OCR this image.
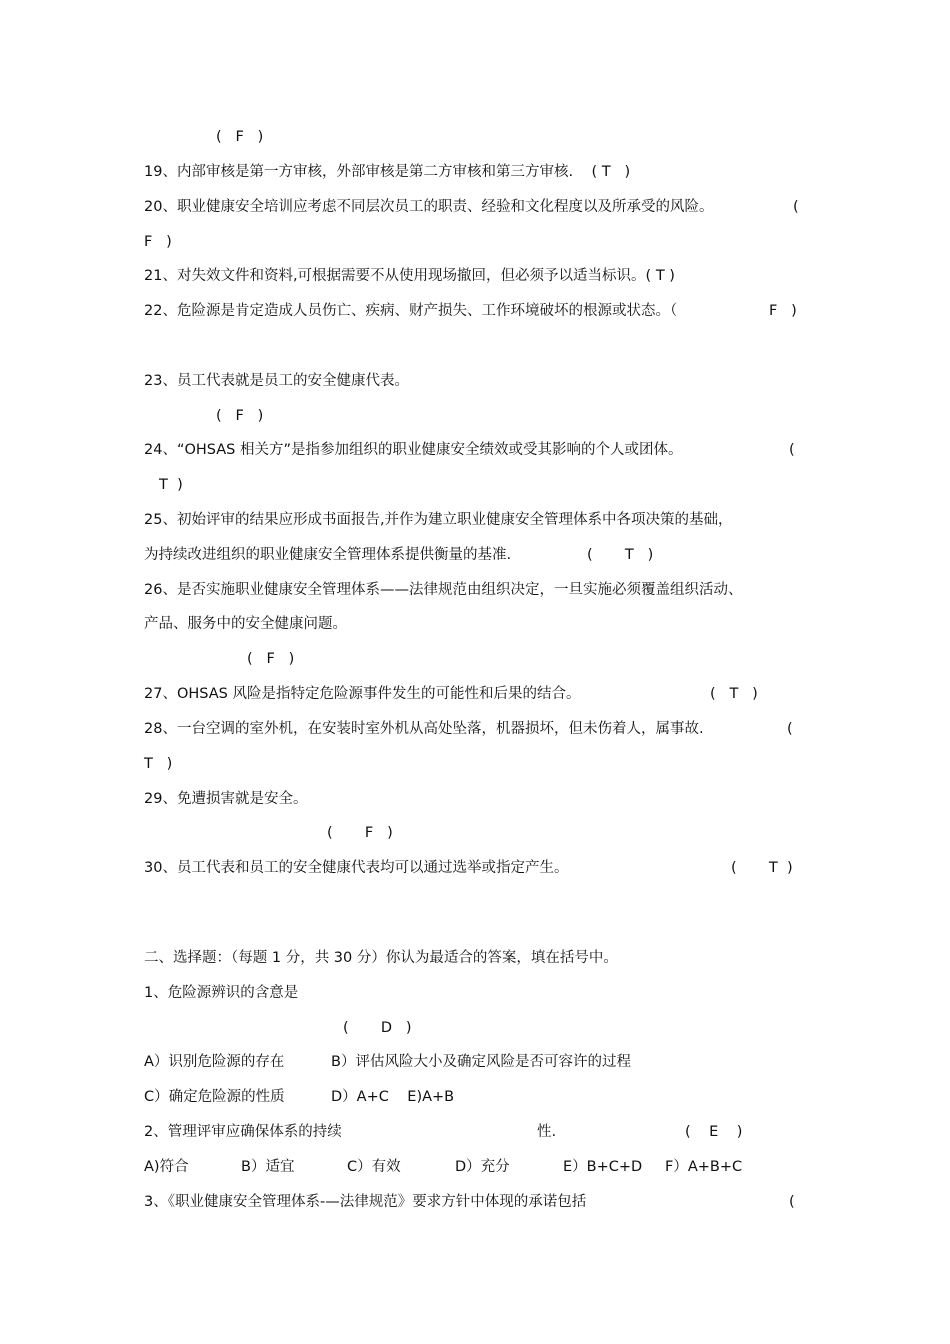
(   F   )
19、内部审核是第一方审核，外部审核是第二方审核和第三方审核.    ( T   )
20、职业健康安全培训应考虑不同层次员工的职责、经验和文化程度以及所承受的风险。	(
F   )
21、对失效文件和资料,可根据需要不从使用现场撤回，但必须予以适当标识。( T )
22、危险源是肯定造成人员伤亡、疾病、财产损失、工作环境破坏的根源或状态。（	F   )
23、员工代表就是员工的安全健康代表。
(   F   )
24、“OHSAS 相关方”是指参加组织的职业健康安全绩效或受其影响的个人或团体。	(
T  )
25、初始评审的结果应形成书面报告,并作为建立职业健康安全管理体系中各项决策的基础，
为持续改进组织的职业健康安全管理体系提供衡量的基准.	(       T   )
26、是否实施职业健康安全管理体系——法律规范由组织决定，一旦实施必须覆盖组织活动、
产品、服务中的安全健康问题。
(   F   )
27、OHSAS 风险是指特定危险源事件发生的可能性和后果的结合。	(   T   )
28、一台空调的室外机，在安装时室外机从高处坠落，机器损坏，但未伤着人，属事故.	(
T   )
29、免遭损害就是安全。
(       F   )
30、员工代表和员工的安全健康代表均可以通过选举或指定产生。	(       T  )
二、选择题：（每题 1 分，共 30 分）你认为最适合的答案，填在括号中。
1、危险源辨识的含意是
(       D   )
A）识别危险源的存在	B）评估风险大小及确定风险是否可容许的过程
C）确定危险源的性质	D）A+C    E)A+B
2、管理评审应确保体系的持续	性.	(    E    )
A)符合	B）适宜	C）有效	D）充分	E）B+C+D F）A+B+C
3、《职业健康安全管理体系-—法律规范》要求方针中体现的承诺包括	(
